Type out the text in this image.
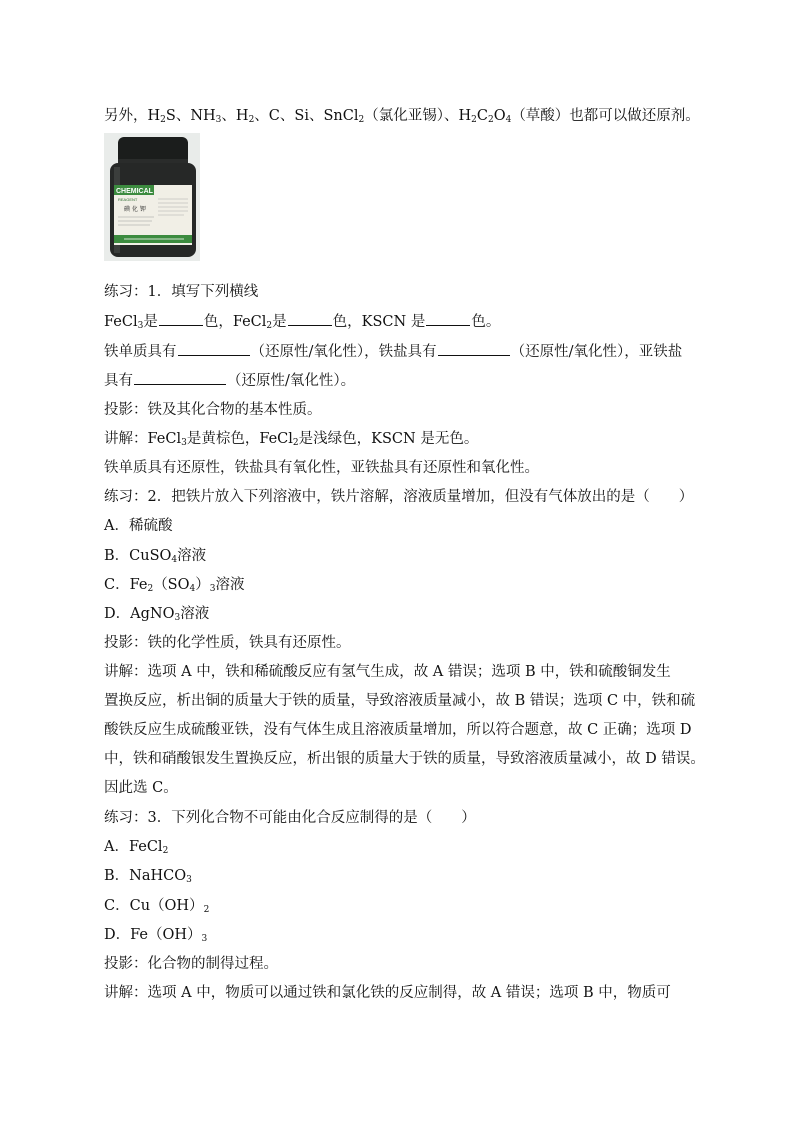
另外，$H_2S$、$NH_3$、$H_2$、C、Si、SnCl$_2$（氯化亚锡）、$H_2C_2O_4$（草酸）也都可以做还原剂。
CHEMICAL
REAGENT
碘 化 钾
练习：1．填写下列横线
FeCl$_3$是	色，FeCl$_2$是	色，KSCN 是	色。
铁单质具有	（还原性/氧化性），铁盐具有	（还原性/氧化性），亚铁盐
具有	（还原性/氧化性）。
投影：铁及其化合物的基本性质。
讲解：FeCl$_3$是黄棕色，FeCl$_2$是浅绿色，KSCN 是无色。
铁单质具有还原性，铁盐具有氧化性，亚铁盐具有还原性和氧化性。
练习：2．把铁片放入下列溶液中，铁片溶解，溶液质量增加，但没有气体放出的是（　　）
A．稀硫酸
B．CuSO$_4$溶液
C．$Fe_2(SO_4)_3$溶液
D．AgNO$_3$溶液
投影：铁的化学性质，铁具有还原性。
讲解：选项 A 中，铁和稀硫酸反应有氢气生成，故 A 错误；选项 B 中，铁和硫酸铜发生
置换反应，析出铜的质量大于铁的质量，导致溶液质量减小，故 B 错误；选项 C 中，铁和硫
酸铁反应生成硫酸亚铁，没有气体生成且溶液质量增加，所以符合题意，故 C 正确；选项 D
中，铁和硝酸银发生置换反应，析出银的质量大于铁的质量，导致溶液质量减小，故 D 错误。
因此选 C。
练习：3．下列化合物不可能由化合反应制得的是（　　）
A．FeCl$_2$
B．NaHCO$_3$
C．$Cu(OH)_2$
D．$Fe(OH)_3$
投影：化合物的制得过程。
讲解：选项 A 中，物质可以通过铁和氯化铁的反应制得，故 A 错误；选项 B 中，物质可
